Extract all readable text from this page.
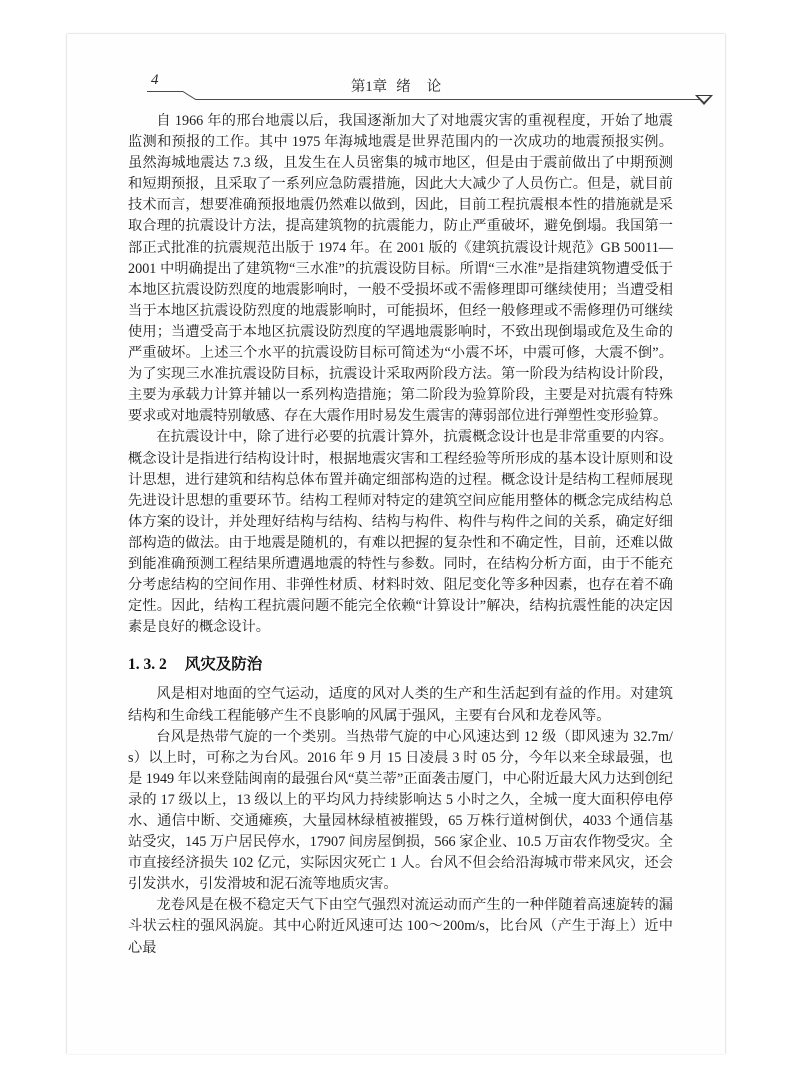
4	第1章 绪 论

自 1966 年的邢台地震以后，我国逐渐加大了对地震灾害的重视程度，开始了地震监测和预报的工作。其中 1975 年海城地震是世界范围内的一次成功的地震预报实例。虽然海城地震达 7.3 级，且发生在人员密集的城市地区，但是由于震前做出了中期预测和短期预报，且采取了一系列应急防震措施，因此大大减少了人员伤亡。但是，就目前技术而言，想要准确预报地震仍然难以做到，因此，目前工程抗震根本性的措施就是采取合理的抗震设计方法，提高建筑物的抗震能力，防止严重破坏，避免倒塌。我国第一部正式批准的抗震规范出版于 1974 年。在 2001 版的《建筑抗震设计规范》GB 50011—2001 中明确提出了建筑物“三水准”的抗震设防目标。所谓“三水准”是指建筑物遭受低于本地区抗震设防烈度的地震影响时，一般不受损坏或不需修理即可继续使用；当遭受相当于本地区抗震设防烈度的地震影响时，可能损坏，但经一般修理或不需修理仍可继续使用；当遭受高于本地区抗震设防烈度的罕遇地震影响时，不致出现倒塌或危及生命的严重破坏。上述三个水平的抗震设防目标可简述为“小震不坏，中震可修，大震不倒”。为了实现三水准抗震设防目标，抗震设计采取两阶段方法。第一阶段为结构设计阶段，主要为承载力计算并辅以一系列构造措施；第二阶段为验算阶段，主要是对抗震有特殊要求或对地震特别敏感、存在大震作用时易发生震害的薄弱部位进行弹塑性变形验算。

在抗震设计中，除了进行必要的抗震计算外，抗震概念设计也是非常重要的内容。概念设计是指进行结构设计时，根据地震灾害和工程经验等所形成的基本设计原则和设计思想，进行建筑和结构总体布置并确定细部构造的过程。概念设计是结构工程师展现先进设计思想的重要环节。结构工程师对特定的建筑空间应能用整体的概念完成结构总体方案的设计，并处理好结构与结构、结构与构件、构件与构件之间的关系，确定好细部构造的做法。由于地震是随机的，有难以把握的复杂性和不确定性，目前，还难以做到能准确预测工程结果所遭遇地震的特性与参数。同时，在结构分析方面，由于不能充分考虑结构的空间作用、非弹性材质、材料时效、阻尼变化等多种因素，也存在着不确定性。因此，结构工程抗震问题不能完全依赖“计算设计”解决，结构抗震性能的决定因素是良好的概念设计。

1. 3. 2 风灾及防治

风是相对地面的空气运动，适度的风对人类的生产和生活起到有益的作用。对建筑结构和生命线工程能够产生不良影响的风属于强风，主要有台风和龙卷风等。

台风是热带气旋的一个类别。当热带气旋的中心风速达到 12 级（即风速为 32.7m/s）以上时，可称之为台风。2016 年 9 月 15 日凌晨 3 时 05 分，今年以来全球最强，也是 1949 年以来登陆闽南的最强台风“莫兰蒂”正面袭击厦门，中心附近最大风力达到创纪录的 17 级以上，13 级以上的平均风力持续影响达 5 小时之久，全城一度大面积停电停水、通信中断、交通瘫痪，大量园林绿植被摧毁，65 万株行道树倒伏，4033 个通信基站受灾，145 万户居民停水，17907 间房屋倒损，566 家企业、10.5 万亩农作物受灾。全市直接经济损失 102 亿元，实际因灾死亡 1 人。台风不但会给沿海城市带来风灾，还会引发洪水，引发滑坡和泥石流等地质灾害。

龙卷风是在极不稳定天气下由空气强烈对流运动而产生的一种伴随着高速旋转的漏斗状云柱的强风涡旋。其中心附近风速可达 100～200m/s，比台风（产生于海上）近中心最
